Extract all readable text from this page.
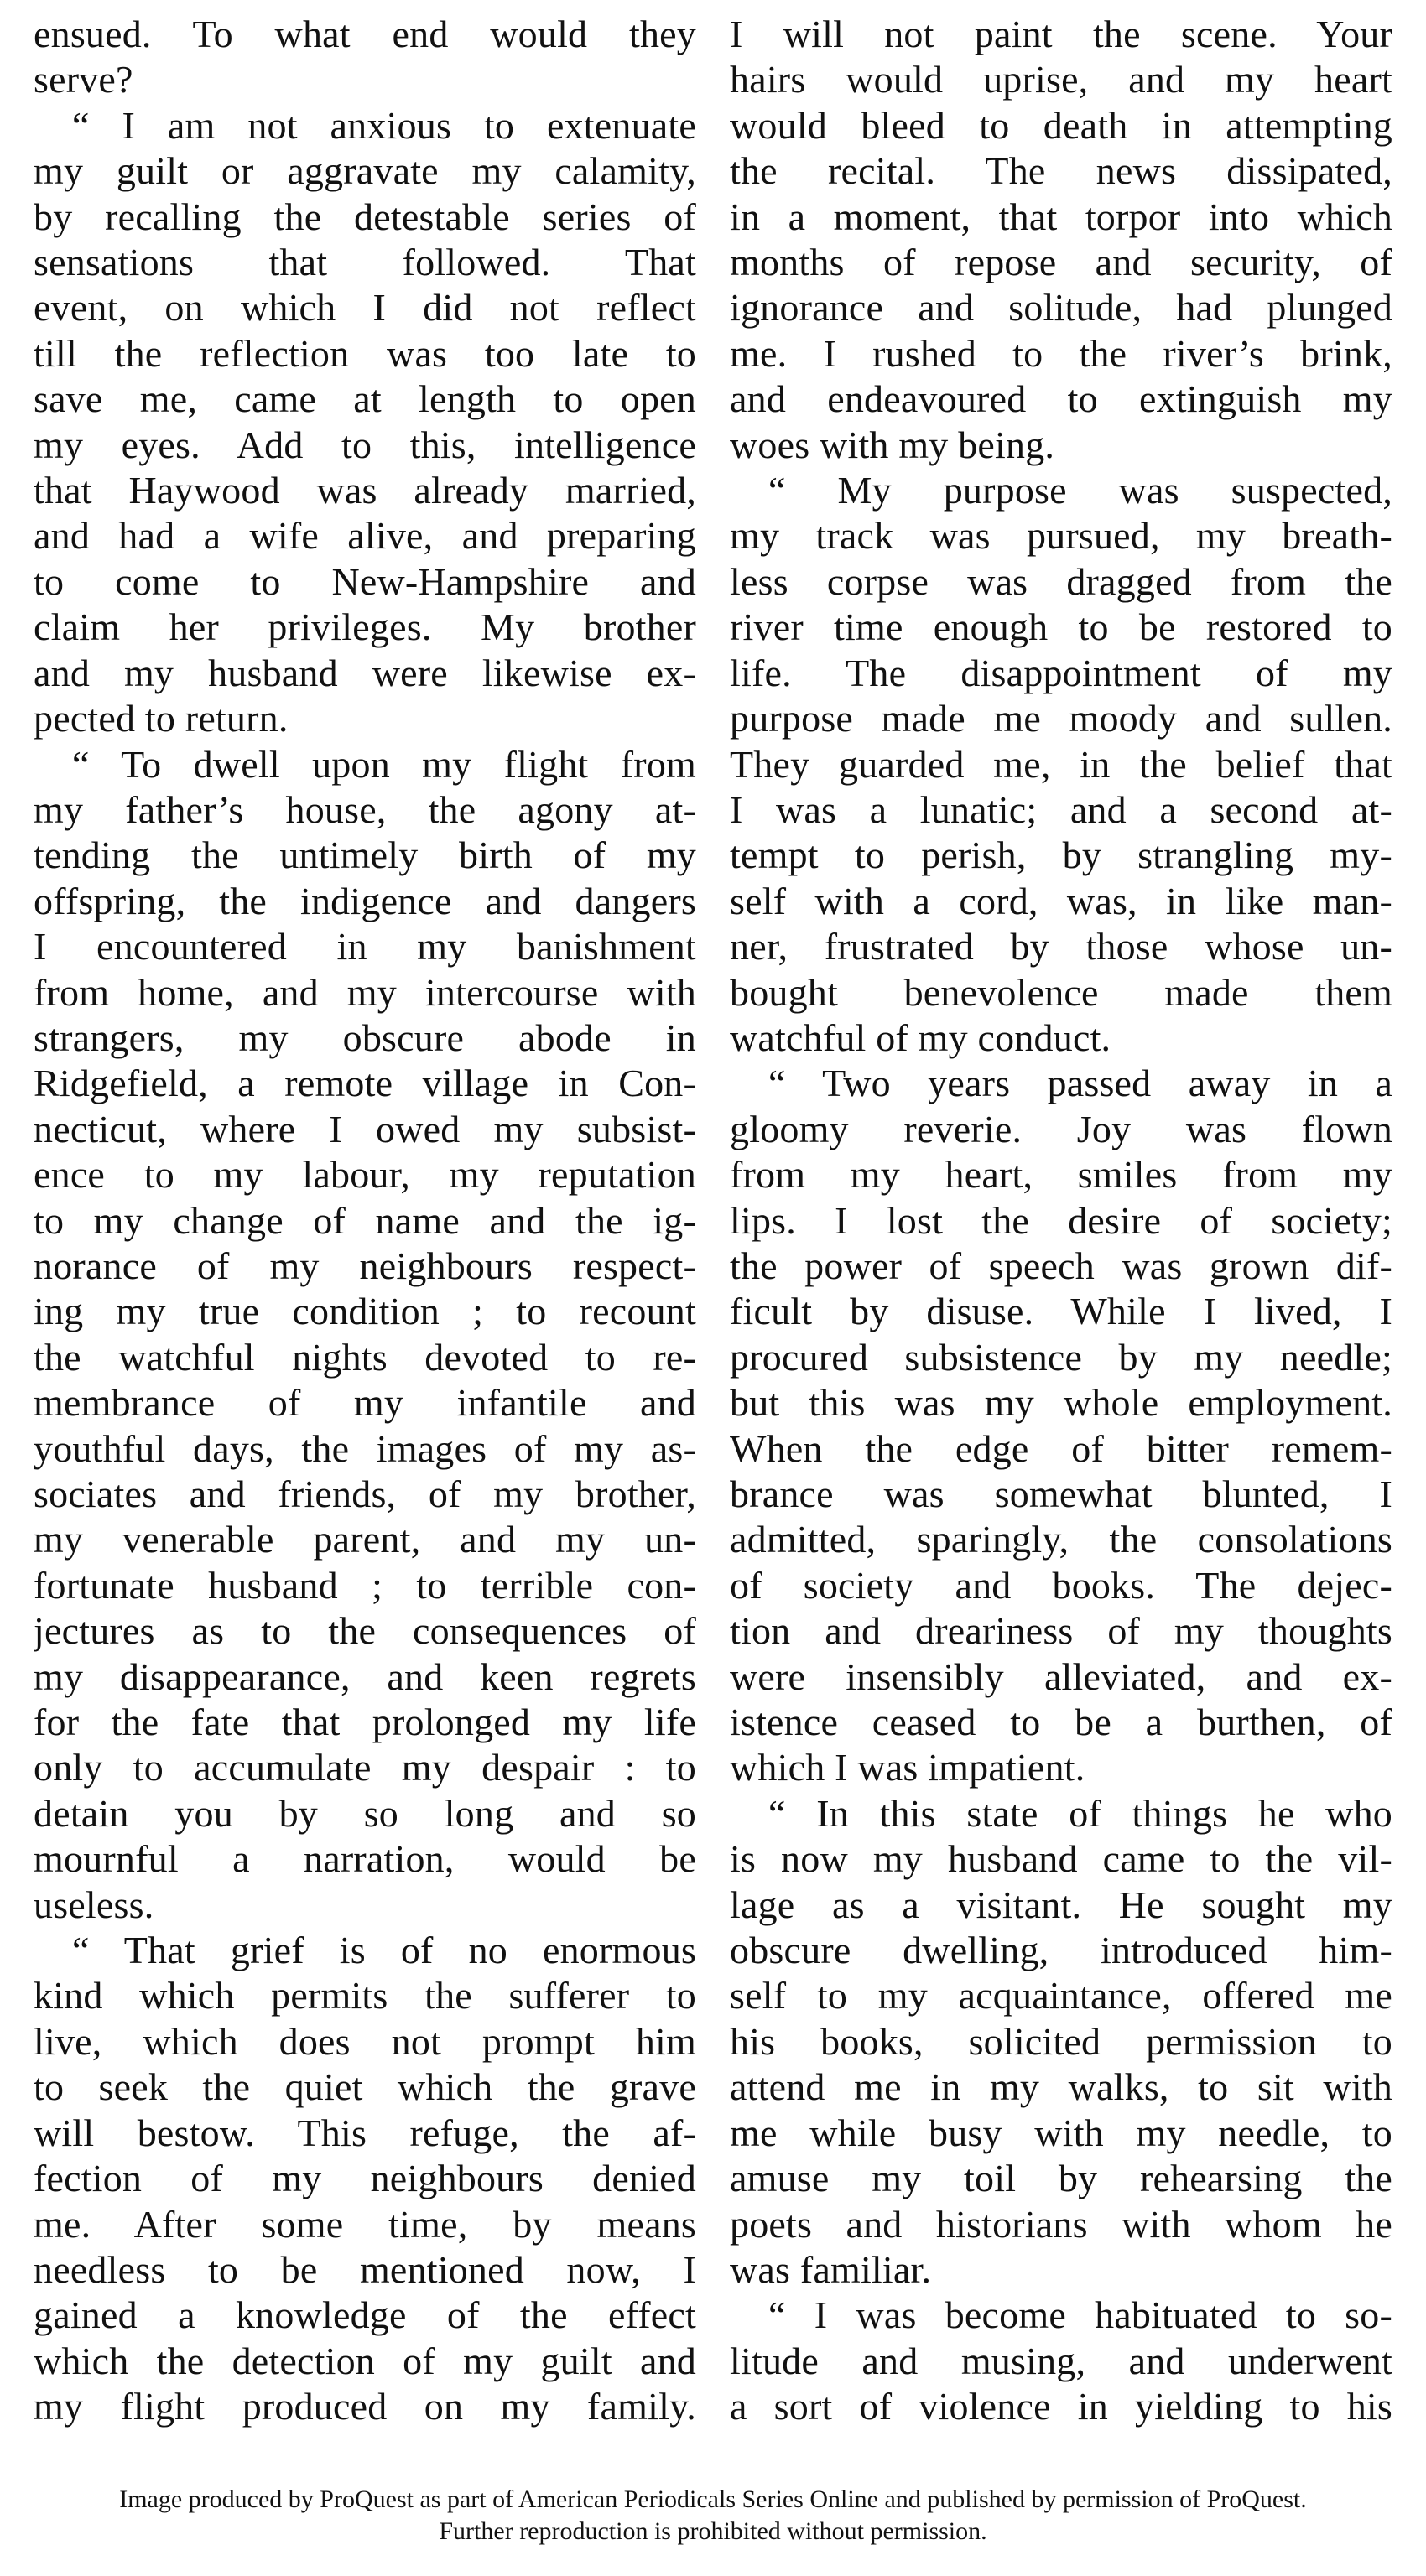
ensued. To what end would they
serve?
“ I am not anxious to extenuate
my guilt or aggravate my calamity,
by recalling the detestable series of
sensations that followed. That
event, on which I did not reflect
till the reflection was too late to
save me, came at length to open
my eyes. Add to this, intelligence
that Haywood was already married,
and had a wife alive, and preparing
to come to New-Hampshire and
claim her privileges. My brother
and my husband were likewise ex-
pected to return.
“ To dwell upon my flight from
my father’s house, the agony at-
tending the untimely birth of my
offspring, the indigence and dangers
I encountered in my banishment
from home, and my intercourse with
strangers, my obscure abode in
Ridgefield, a remote village in Con-
necticut, where I owed my subsist-
ence to my labour, my reputation
to my change of name and the ig-
norance of my neighbours respect-
ing my true condition ; to recount
the watchful nights devoted to re-
membrance of my infantile and
youthful days, the images of my as-
sociates and friends, of my brother,
my venerable parent, and my un-
fortunate husband ; to terrible con-
jectures as to the consequences of
my disappearance, and keen regrets
for the fate that prolonged my life
only to accumulate my despair : to
detain you by so long and so
mournful a narration, would be
useless.
“ That grief is of no enormous
kind which permits the sufferer to
live, which does not prompt him
to seek the quiet which the grave
will bestow. This refuge, the af-
fection of my neighbours denied
me. After some time, by means
needless to be mentioned now, I
gained a knowledge of the effect
which the detection of my guilt and
my flight produced on my family.
I will not paint the scene. Your
hairs would uprise, and my heart
would bleed to death in attempting
the recital. The news dissipated,
in a moment, that torpor into which
months of repose and security, of
ignorance and solitude, had plunged
me. I rushed to the river’s brink,
and endeavoured to extinguish my
woes with my being.
“ My purpose was suspected,
my track was pursued, my breath-
less corpse was dragged from the
river time enough to be restored to
life. The disappointment of my
purpose made me moody and sullen.
They guarded me, in the belief that
I was a lunatic; and a second at-
tempt to perish, by strangling my-
self with a cord, was, in like man-
ner, frustrated by those whose un-
bought benevolence made them
watchful of my conduct.
“ Two years passed away in a
gloomy reverie. Joy was flown
from my heart, smiles from my
lips. I lost the desire of society;
the power of speech was grown dif-
ficult by disuse. While I lived, I
procured subsistence by my needle;
but this was my whole employment.
When the edge of bitter remem-
brance was somewhat blunted, I
admitted, sparingly, the consolations
of society and books. The dejec-
tion and dreariness of my thoughts
were insensibly alleviated, and ex-
istence ceased to be a burthen, of
which I was impatient.
“ In this state of things he who
is now my husband came to the vil-
lage as a visitant. He sought my
obscure dwelling, introduced him-
self to my acquaintance, offered me
his books, solicited permission to
attend me in my walks, to sit with
me while busy with my needle, to
amuse my toil by rehearsing the
poets and historians with whom he
was familiar.
“ I was become habituated to so-
litude and musing, and underwent
a sort of violence in yielding to his
Image produced by ProQuest as part of American Periodicals Series Online and published by permission of ProQuest.
Further reproduction is prohibited without permission.
